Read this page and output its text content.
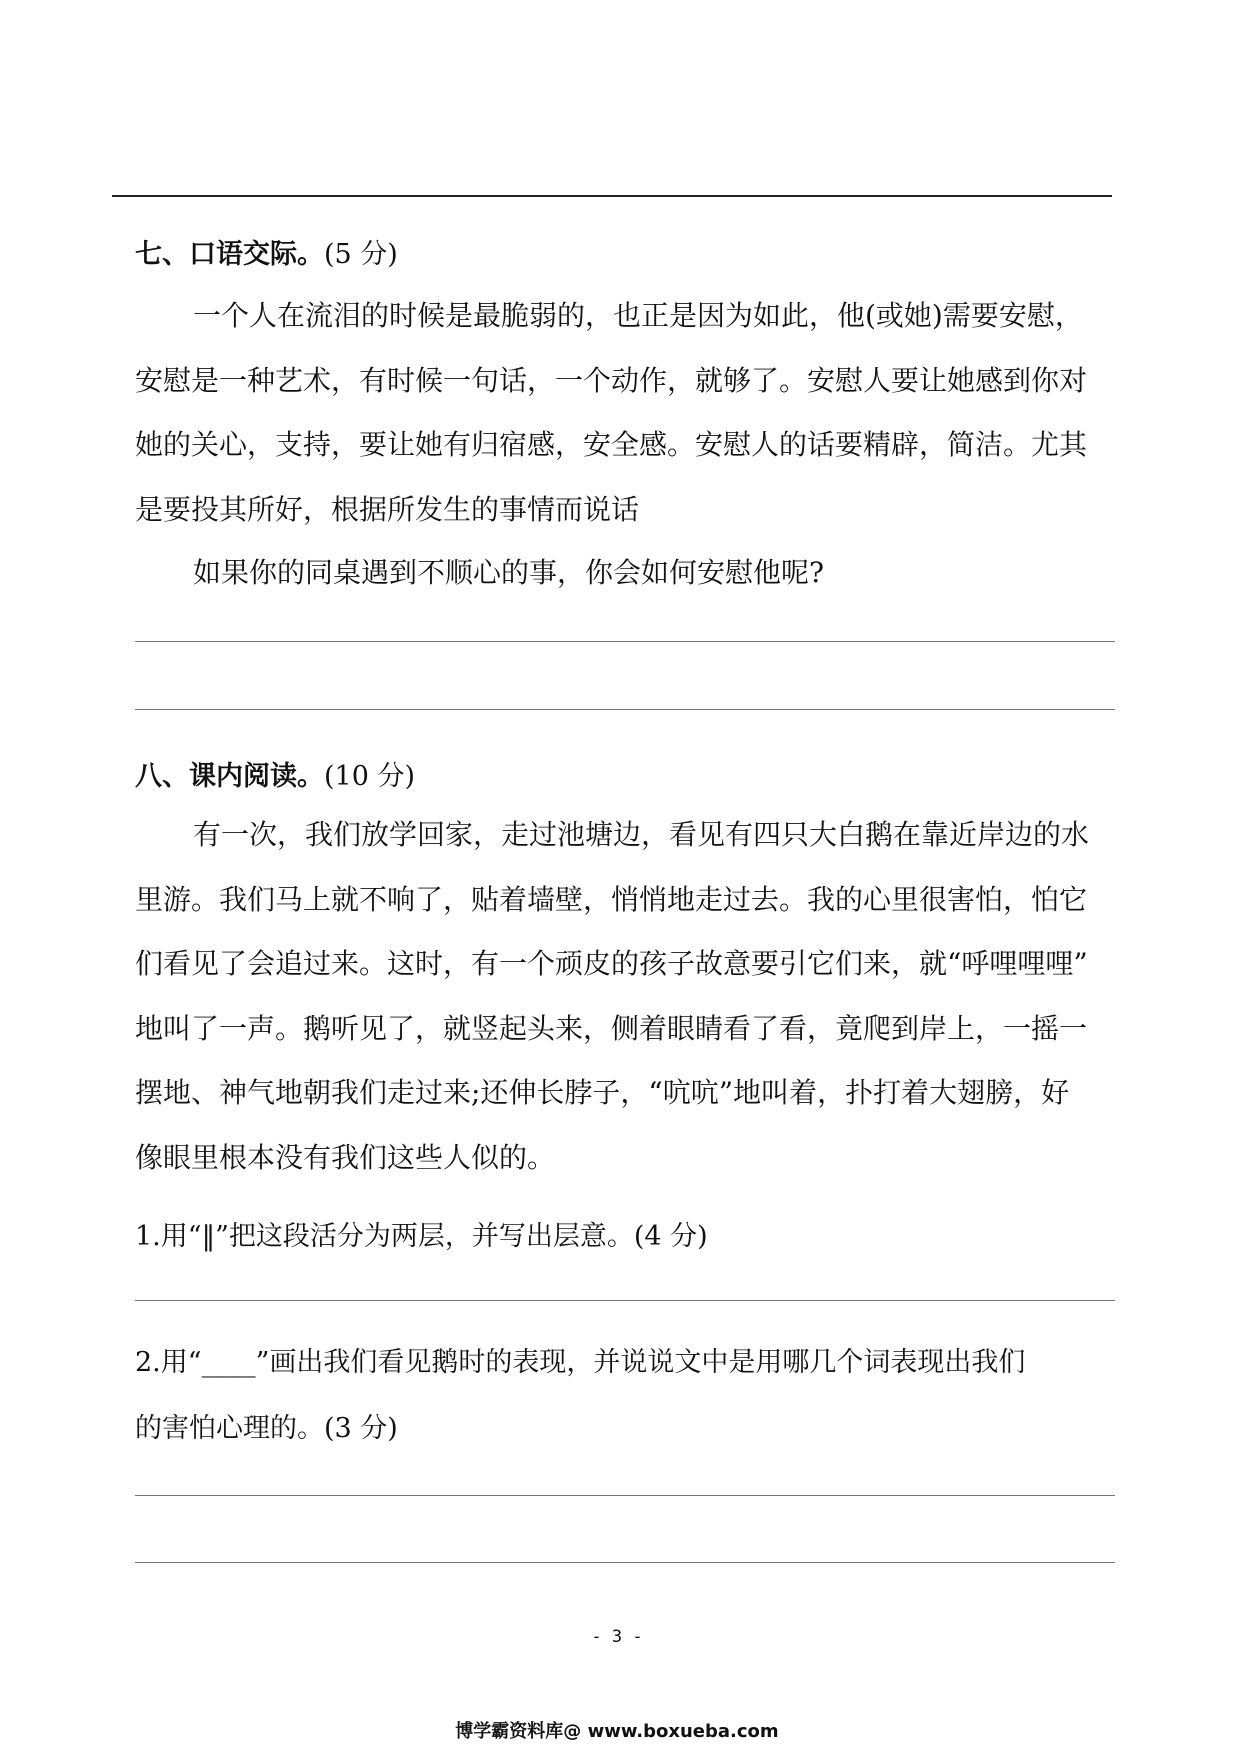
七、口语交际。(5 分)
一个人在流泪的时候是最脆弱的，也正是因为如此，他(或她)需要安慰，
安慰是一种艺术，有时候一句话，一个动作，就够了。安慰人要让她感到你对
她的关心，支持，要让她有归宿感，安全感。安慰人的话要精辟，简洁。尤其
是要投其所好，根据所发生的事情而说话
如果你的同桌遇到不顺心的事，你会如何安慰他呢?
八、课内阅读。(10 分)
有一次，我们放学回家，走过池塘边，看见有四只大白鹅在靠近岸边的水
里游。我们马上就不响了，贴着墙壁，悄悄地走过去。我的心里很害怕，怕它
们看见了会追过来。这时，有一个顽皮的孩子故意要引它们来，就“呼哩哩哩”
地叫了一声。鹅听见了，就竖起头来，侧着眼睛看了看，竟爬到岸上，一摇一
摆地、神气地朝我们走过来;还伸长脖子，“吭吭”地叫着，扑打着大翅膀，好
像眼里根本没有我们这些人似的。
1.用“‖”把这段活分为两层，并写出层意。(4 分)
2.用“____”画出我们看见鹅时的表现，并说说文中是用哪几个词表现出我们
的害怕心理的。(3 分)
- 3 -
博学霸资料库@ www.boxueba.com
